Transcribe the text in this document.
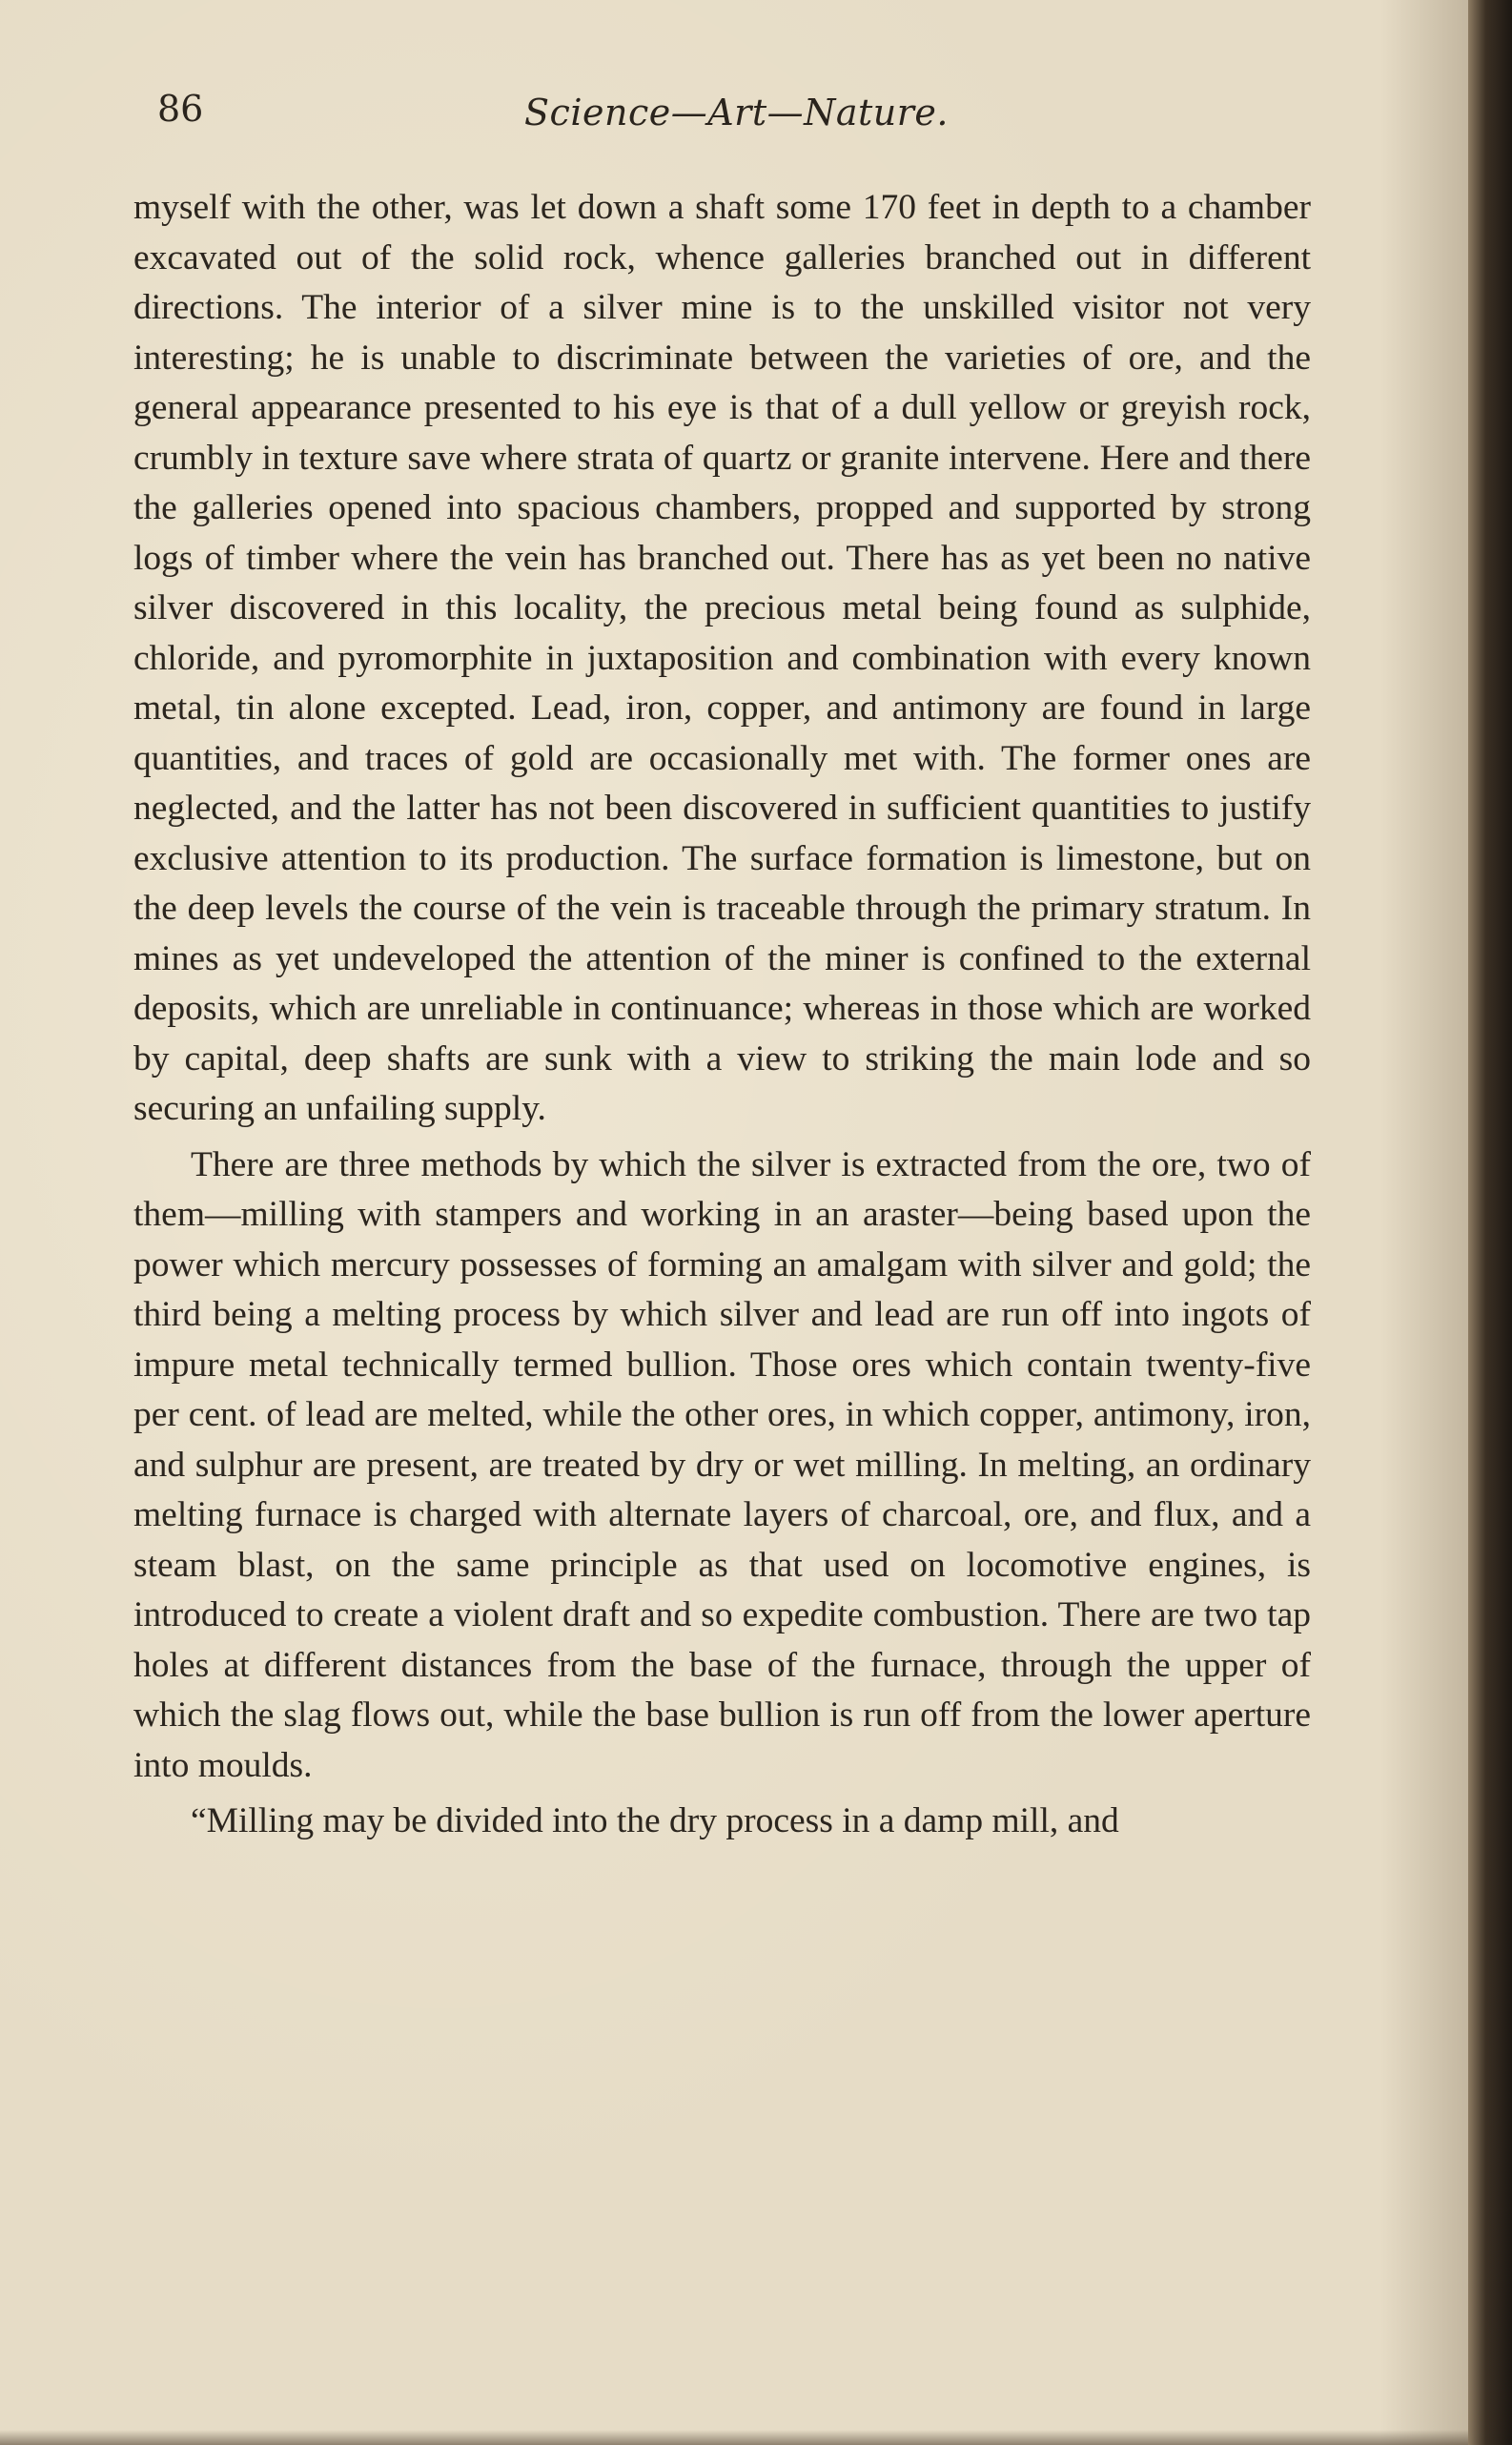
86	Science—Art—Nature.

myself with the other, was let down a shaft some 170 feet in depth to a chamber excavated out of the solid rock, whence galleries branched out in different directions. The interior of a silver mine is to the unskilled visitor not very interesting; he is unable to discriminate between the varieties of ore, and the general appearance presented to his eye is that of a dull yellow or greyish rock, crumbly in texture save where strata of quartz or granite intervene. Here and there the galleries opened into spacious chambers, propped and supported by strong logs of timber where the vein has branched out. There has as yet been no native silver discovered in this locality, the precious metal being found as sulphide, chloride, and pyromorphite in juxtaposition and combination with every known metal, tin alone excepted. Lead, iron, copper, and antimony are found in large quantities, and traces of gold are occasionally met with. The former ones are neglected, and the latter has not been discovered in sufficient quantities to justify exclusive attention to its production. The surface formation is limestone, but on the deep levels the course of the vein is traceable through the primary stratum. In mines as yet undeveloped the attention of the miner is confined to the external deposits, which are unreliable in continuance; whereas in those which are worked by capital, deep shafts are sunk with a view to striking the main lode and so securing an unfailing supply.

There are three methods by which the silver is extracted from the ore, two of them—milling with stampers and working in an araster—being based upon the power which mercury possesses of forming an amalgam with silver and gold; the third being a melting process by which silver and lead are run off into ingots of impure metal technically termed bullion. Those ores which contain twenty-five per cent. of lead are melted, while the other ores, in which copper, antimony, iron, and sulphur are present, are treated by dry or wet milling. In melting, an ordinary melting furnace is charged with alternate layers of charcoal, ore, and flux, and a steam blast, on the same principle as that used on locomotive engines, is introduced to create a violent draft and so expedite combustion. There are two tap holes at different distances from the base of the furnace, through the upper of which the slag flows out, while the base bullion is run off from the lower aperture into moulds.

“Milling may be divided into the dry process in a damp mill, and
